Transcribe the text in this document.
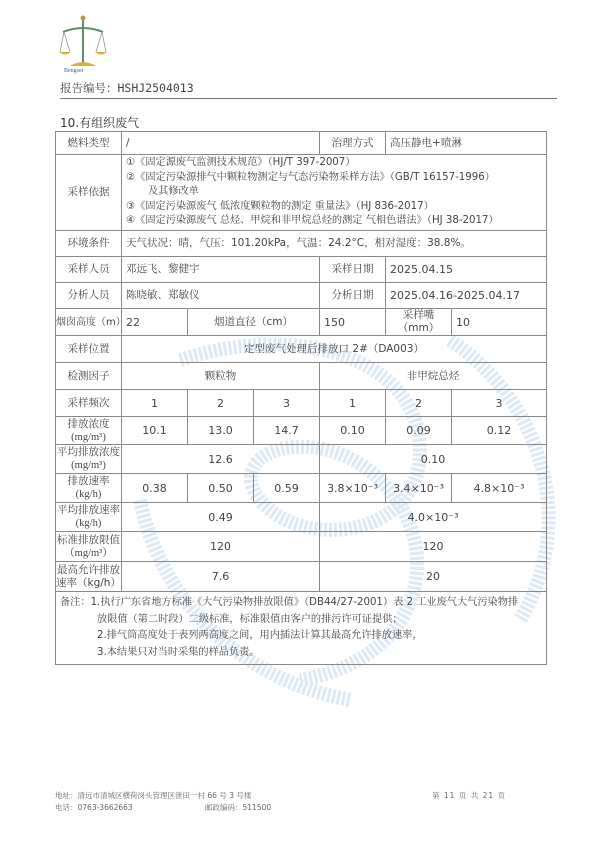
Bengser
报告编号：HSHJ2504013
10.有组织废气
燃料类型	/			治理方式	高压静电+喷淋	
采样依据	①《固定源废气监测技术规范》（HJ/T 397-2007）
②《固定污染源排气中颗粒物测定与气态污染物采样方法》（GB/T 16157-1996）
及其修改单
③《固定污染源废气 低浓度颗粒物的测定 重量法》（HJ 836-2017）
④《固定污染源废气 总烃、甲烷和非甲烷总烃的测定 气相色谱法》（HJ 38-2017）					

环境条件	天气状况：晴，气压：101.20kPa，气温：24.2°C，相对湿度：38.8%。					
采样人员	邓远飞、黎健宇			采样日期	2025.04.15	
分析人员	陈晓敏、郑敏仪			分析日期	2025.04.16-2025.04.17	
烟囱高度（m）	22	烟道直径（cm）		150	采样嘴（mm）	10
采样位置	定型废气处理后排放口 2#（DA003）					
检测因子	颗粒物			非甲烷总烃		
采样频次	1	2	3	1	2	3

排放浓度
(mg/m³)	10.1	13.0	14.7	0.10	0.09	0.12

平均排放浓度
(mg/m³)	12.6			0.10		

排放速率
(kg/h)	0.38	0.50	0.59	3.8×10⁻³	3.4×10⁻³	4.8×10⁻³

平均排放速率
(kg/h)	0.49			4.0×10⁻³		

标准排放限值
（mg/m³）	120			120		

最高允许排放
速率（kg/h）	7.6			20		

备注：1.执行广东省地方标准《大气污染物排放限值》（DB44/27-2001）表 2 工业废气大气污染物排
放限值（第二时段）二级标准，标准限值由客户的排污许可证提供；
2.排气筒高度处于表列两高度之间，用内插法计算其最高允许排放速率，
3.本结果只对当时采集的样品负责。						
地址：清远市清城区横荷岗头管理区泄田一村 66 号 3 号楼
电话：0763-3662663	邮政编码：511500
第 11 页 共 21 页
